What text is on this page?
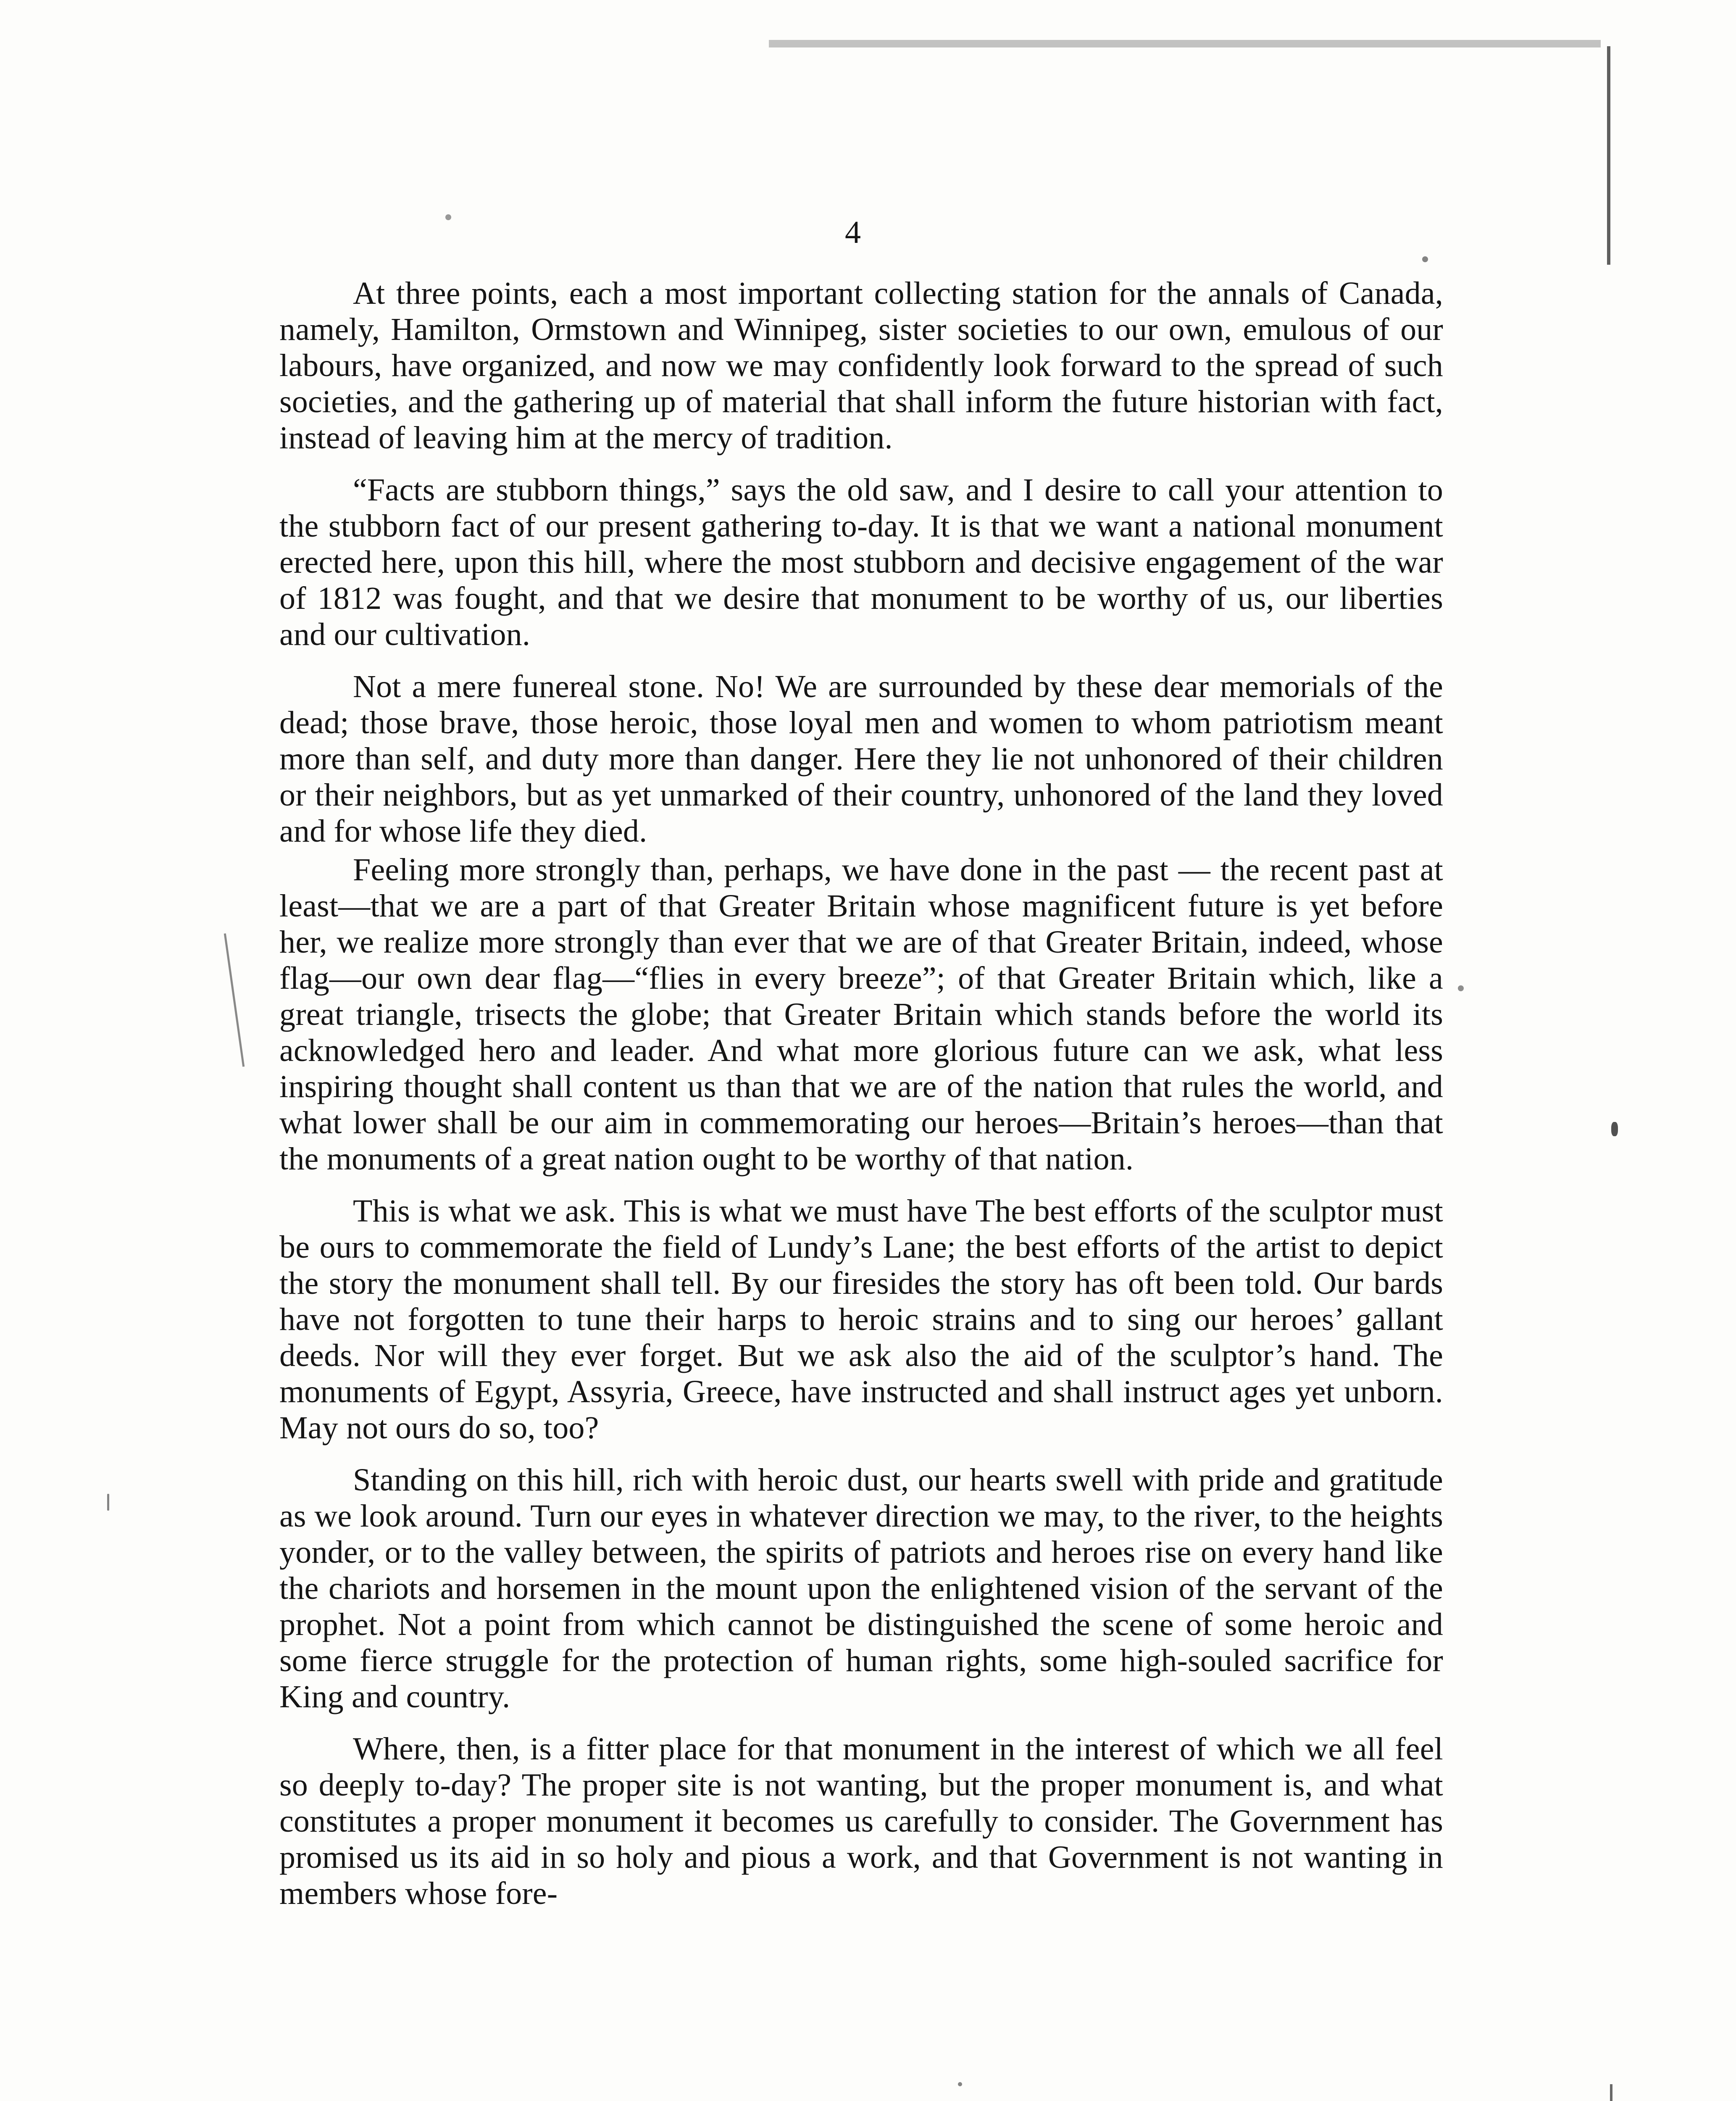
4

At three points, each a most important collecting station for the annals of Canada, namely, Hamilton, Ormstown and Winnipeg, sister societies to our own, emulous of our labours, have organized, and now we may confidently look forward to the spread of such societies, and the gathering up of material that shall inform the future historian with fact, instead of leaving him at the mercy of tradition.

“Facts are stubborn things,” says the old saw, and I desire to call your attention to the stubborn fact of our present gathering to-day. It is that we want a national monument erected here, upon this hill, where the most stubborn and decisive engagement of the war of 1812 was fought, and that we desire that monument to be worthy of us, our liberties and our cultivation.

Not a mere funereal stone. No! We are surrounded by these dear memorials of the dead; those brave, those heroic, those loyal men and women to whom patriotism meant more than self, and duty more than danger. Here they lie not unhonored of their children or their neighbors, but as yet unmarked of their country, unhonored of the land they loved and for whose life they died.

Feeling more strongly than, perhaps, we have done in the past — the recent past at least—that we are a part of that Greater Britain whose magnificent future is yet before her, we realize more strongly than ever that we are of that Greater Britain, indeed, whose flag—our own dear flag—“flies in every breeze”; of that Greater Britain which, like a great triangle, trisects the globe; that Greater Britain which stands before the world its acknowledged hero and leader. And what more glorious future can we ask, what less inspiring thought shall content us than that we are of the nation that rules the world, and what lower shall be our aim in commemorating our heroes—Britain’s heroes—than that the monuments of a great nation ought to be worthy of that nation.

This is what we ask. This is what we must have The best efforts of the sculptor must be ours to commemorate the field of Lundy’s Lane; the best efforts of the artist to depict the story the monument shall tell. By our firesides the story has oft been told. Our bards have not forgotten to tune their harps to heroic strains and to sing our heroes’ gallant deeds. Nor will they ever forget. But we ask also the aid of the sculptor’s hand. The monuments of Egypt, Assyria, Greece, have instructed and shall instruct ages yet unborn. May not ours do so, too?

Standing on this hill, rich with heroic dust, our hearts swell with pride and gratitude as we look around. Turn our eyes in whatever direction we may, to the river, to the heights yonder, or to the valley between, the spirits of patriots and heroes rise on every hand like the chariots and horsemen in the mount upon the enlightened vision of the servant of the prophet. Not a point from which cannot be distinguished the scene of some heroic and some fierce struggle for the protection of human rights, some high-souled sacrifice for King and country.

Where, then, is a fitter place for that monument in the interest of which we all feel so deeply to-day? The proper site is not wanting, but the proper monument is, and what constitutes a proper monument it becomes us carefully to consider. The Government has promised us its aid in so holy and pious a work, and that Government is not wanting in members whose fore-
